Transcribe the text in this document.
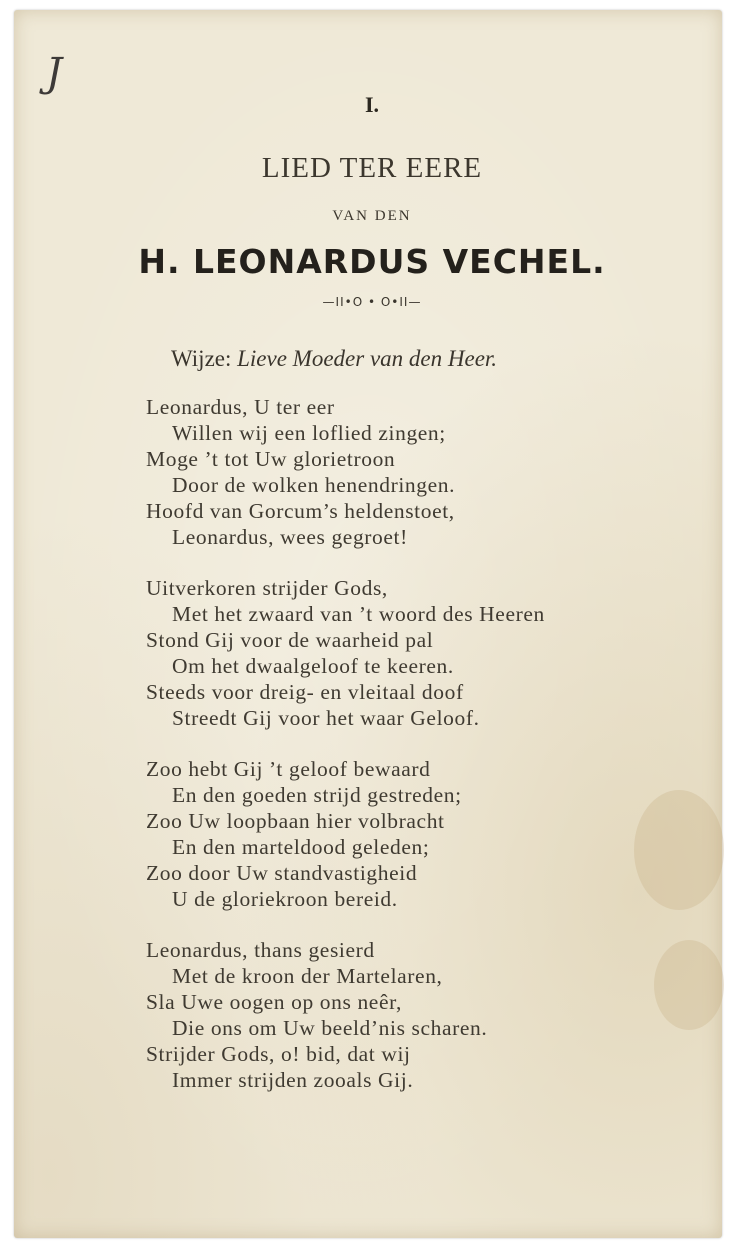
J
I.
LIED TER EERE
VAN DEN
H. LEONARDUS VECHEL.
—II•O • O•II—
Wijze: Lieve Moeder van den Heer.
Leonardus, U ter eer
Willen wij een loflied zingen;
Moge ’t tot Uw glorietroon
Door de wolken henendringen.
Hoofd van Gorcum’s heldenstoet,
Leonardus, wees gegroet!
Uitverkoren strijder Gods,
Met het zwaard van ’t woord des Heeren
Stond Gij voor de waarheid pal
Om het dwaalgeloof te keeren.
Steeds voor dreig- en vleitaal doof
Streedt Gij voor het waar Geloof.
Zoo hebt Gij ’t geloof bewaard
En den goeden strijd gestreden;
Zoo Uw loopbaan hier volbracht
En den marteldood geleden;
Zoo door Uw standvastigheid
U de gloriekroon bereid.
Leonardus, thans gesierd
Met de kroon der Martelaren,
Sla Uwe oogen op ons neêr,
Die ons om Uw beeld’nis scharen.
Strijder Gods, o! bid, dat wij
Immer strijden zooals Gij.
